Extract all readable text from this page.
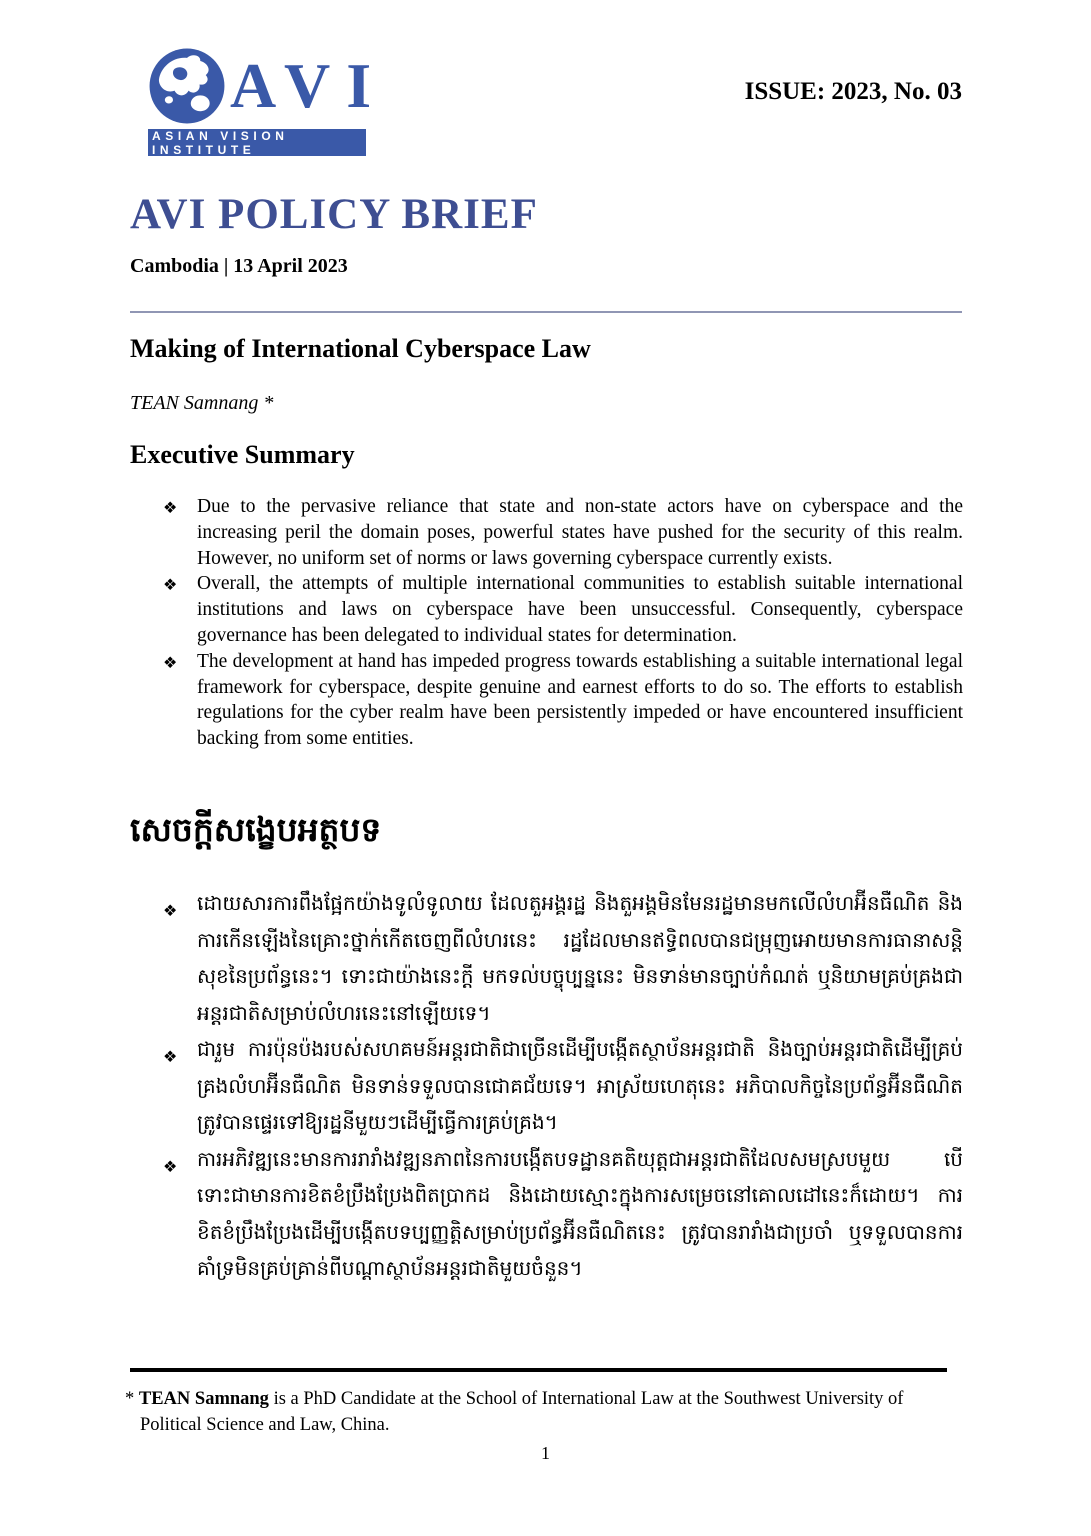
AVI
ASIAN VISION INSTITUTE
ISSUE: 2023, No. 03
AVI POLICY BRIEF
Cambodia | 13 April 2023
Making of International Cyberspace Law
TEAN Samnang *
Executive Summary
❖ Due to the pervasive reliance that state and non-state actors have on cyberspace and the increasing peril the domain poses, powerful states have pushed for the security of this realm. However, no uniform set of norms or laws governing cyberspace currently exists.
❖ Overall, the attempts of multiple international communities to establish suitable international institutions and laws on cyberspace have been unsuccessful. Consequently, cyberspace governance has been delegated to individual states for determination.
❖ The development at hand has impeded progress towards establishing a suitable international legal framework for cyberspace, despite genuine and earnest efforts to do so. The efforts to establish regulations for the cyber realm have been persistently impeded or have encountered insufficient backing from some entities.
សេចក្តីសង្ខេបអត្ថបទ
❖ ដោយសារការពឹងផ្អែកយ៉ាងទូលំទូលាយ ដែលតួអង្គរដ្ឋ និងតួអង្គមិនមែនរដ្ឋមានមកលើលំហអ៊ីនធឺណិត និងការកើនឡើងនៃគ្រោះថ្នាក់កើតចេញពីលំហរនេះ រដ្ឋដែលមានឥទ្ធិពលបានជម្រុញអោយមានការធានាសន្តិសុខនៃប្រព័ន្ធនេះ។ ទោះជាយ៉ាងនេះក្តី មកទល់បច្ចុប្បន្ននេះ មិនទាន់មានច្បាប់កំណត់ ឬនិយាមគ្រប់គ្រងជាអន្តរជាតិសម្រាប់លំហរនេះនៅឡើយទេ។
❖ ជារួម ការប៉ុនប៉ងរបស់សហគមន៍អន្តរជាតិជាច្រើនដើម្បីបង្កើតស្ថាប័នអន្តរជាតិ និងច្បាប់អន្តរជាតិដើម្បីគ្រប់គ្រងលំហអ៊ីនធឺណិត មិនទាន់ទទួលបានជោគជ័យទេ។ អាស្រ័យហេតុនេះ អភិបាលកិច្ចនៃប្រព័ន្ធអ៊ីនធឺណិត ត្រូវបានផ្ទេរទៅឱ្យរដ្ឋនីមួយៗដើម្បីធ្វើការគ្រប់គ្រង។
❖ ការអភិវឌ្ឍនេះមានការរារាំងវឌ្ឍនភាពនៃការបង្កើតបទដ្ឋានគតិយុត្តជាអន្តរជាតិដែលសមស្របមួយ បើទោះជាមានការខិតខំប្រឹងប្រែងពិតប្រាកដ និងដោយស្មោះក្នុងការសម្រេចនៅគោលដៅនេះក៏ដោយ។ ការខិតខំប្រឹងប្រែងដើម្បីបង្កើតបទប្បញ្ញត្តិសម្រាប់ប្រព័ន្ធអ៊ីនធឺណិតនេះ ត្រូវបានរារាំងជាប្រចាំ ឬទទួលបានការគាំទ្រមិនគ្រប់គ្រាន់ពីបណ្តាស្ថាប័នអន្តរជាតិមួយចំនួន។
* TEAN Samnang is a PhD Candidate at the School of International Law at the Southwest University of Political Science and Law, China.
1
